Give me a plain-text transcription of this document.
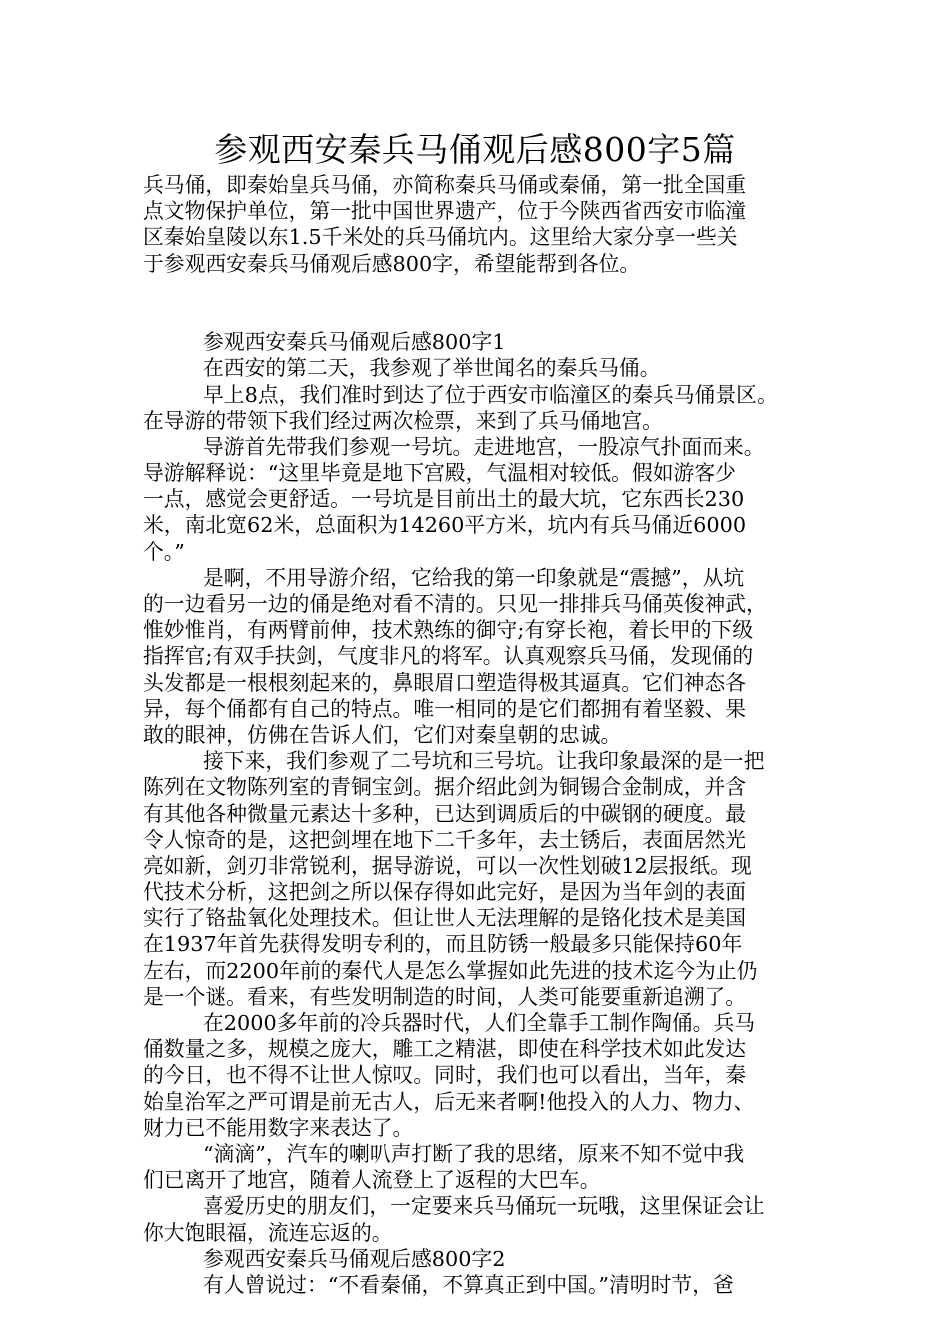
参观西安秦兵马俑观后感800字5篇
兵马俑，即秦始皇兵马俑，亦简称秦兵马俑或秦俑，第一批全国重
点文物保护单位，第一批中国世界遗产，位于今陕西省西安市临潼
区秦始皇陵以东1.5千米处的兵马俑坑内。这里给大家分享一些关
于参观西安秦兵马俑观后感800字，希望能帮到各位。
参观西安秦兵马俑观后感800字1
在西安的第二天，我参观了举世闻名的秦兵马俑。
早上8点，我们准时到达了位于西安市临潼区的秦兵马俑景区。
在导游的带领下我们经过两次检票，来到了兵马俑地宫。
导游首先带我们参观一号坑。走进地宫，一股凉气扑面而来。
导游解释说：“这里毕竟是地下宫殿，气温相对较低。假如游客少
一点，感觉会更舒适。一号坑是目前出土的最大坑，它东西长230
米，南北宽62米，总面积为14260平方米，坑内有兵马俑近6000
个。”
是啊，不用导游介绍，它给我的第一印象就是“震撼”，从坑
的一边看另一边的俑是绝对看不清的。只见一排排兵马俑英俊神武，
惟妙惟肖，有两臂前伸，技术熟练的御守;有穿长袍，着长甲的下级
指挥官;有双手扶剑，气度非凡的将军。认真观察兵马俑，发现俑的
头发都是一根根刻起来的，鼻眼眉口塑造得极其逼真。它们神态各
异，每个俑都有自己的特点。唯一相同的是它们都拥有着坚毅、果
敢的眼神，仿佛在告诉人们，它们对秦皇朝的忠诚。
接下来，我们参观了二号坑和三号坑。让我印象最深的是一把
陈列在文物陈列室的青铜宝剑。据介绍此剑为铜锡合金制成，并含
有其他各种微量元素达十多种，已达到调质后的中碳钢的硬度。最
令人惊奇的是，这把剑埋在地下二千多年，去土锈后，表面居然光
亮如新，剑刃非常锐利，据导游说，可以一次性划破12层报纸。现
代技术分析，这把剑之所以保存得如此完好，是因为当年剑的表面
实行了铬盐氧化处理技术。但让世人无法理解的是铬化技术是美国
在1937年首先获得发明专利的，而且防锈一般最多只能保持60年
左右，而2200年前的秦代人是怎么掌握如此先进的技术迄今为止仍
是一个谜。看来，有些发明制造的时间，人类可能要重新追溯了。
在2000多年前的冷兵器时代，人们全靠手工制作陶俑。兵马
俑数量之多，规模之庞大，雕工之精湛，即使在科学技术如此发达
的今日，也不得不让世人惊叹。同时，我们也可以看出，当年，秦
始皇治军之严可谓是前无古人，后无来者啊!他投入的人力、物力、
财力已不能用数字来表达了。
“滴滴”，汽车的喇叭声打断了我的思绪，原来不知不觉中我
们已离开了地宫，随着人流登上了返程的大巴车。
喜爱历史的朋友们，一定要来兵马俑玩一玩哦，这里保证会让
你大饱眼福，流连忘返的。
参观西安秦兵马俑观后感800字2
有人曾说过：“不看秦俑，不算真正到中国。”清明时节，爸
